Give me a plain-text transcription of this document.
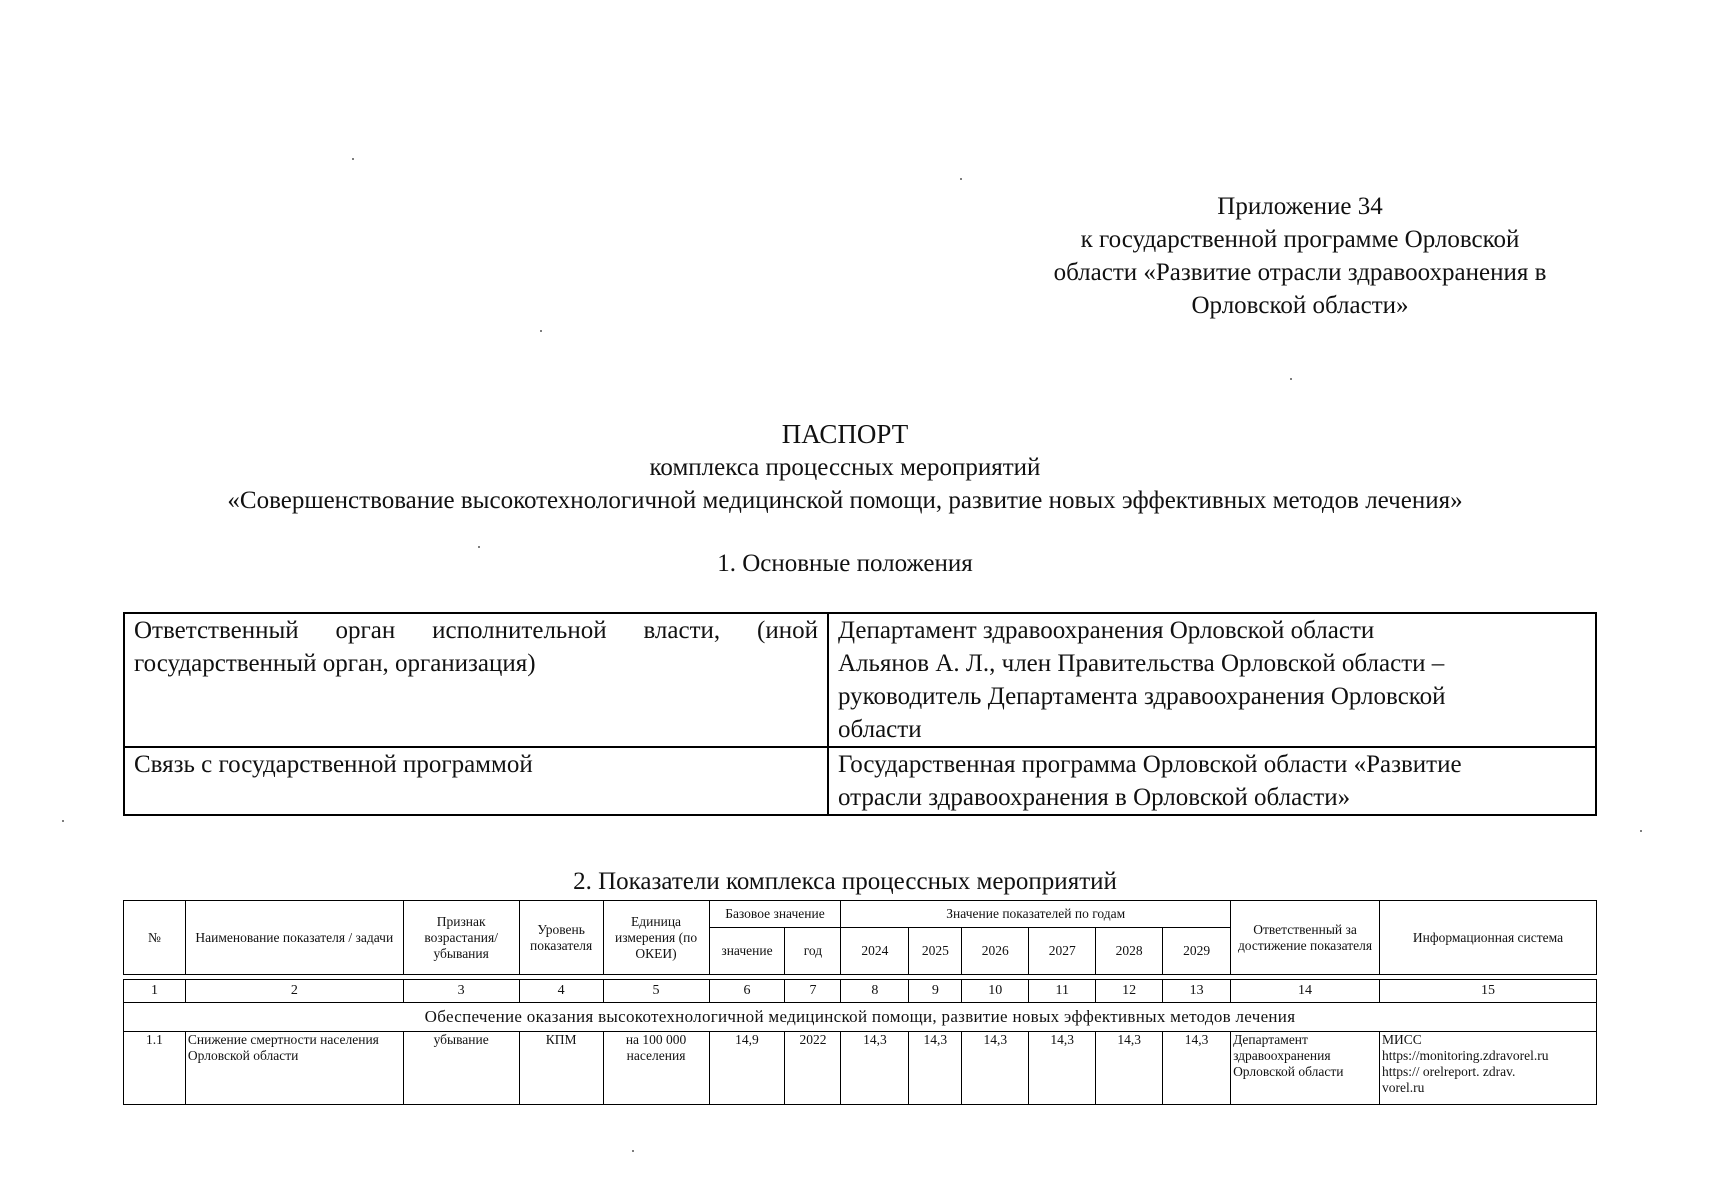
Приложение 34
к государственной программе Орловской
области «Развитие отрасли здравоохранения в
Орловской области»
ПАСПОРТ
комплекса процессных мероприятий
«Совершенствование высокотехнологичной медицинской помощи, развитие новых эффективных методов лечения»
1. Основные положения
Ответственный орган исполнительной власти, (иной государственный орган, организация)	Департамент здравоохранения Орловской области
Альянов А. Л., член Правительства Орловской области –
руководитель Департамента здравоохранения Орловской
области

Связь с государственной программой	Государственная программа Орловской области «Развитие
отрасли здравоохранения в Орловской области»
2. Показатели комплекса процессных мероприятий
№	Наименование показателя / задачи	Признак возрастания/ убывания	Уровень показателя	Единица измерения (по ОКЕИ)	Базовое значение		Значение показателей по годам						Ответственный за достижение показателя	Информационная система
					значение	год	2024	2025	2026	2027	2028	2029		

1	2	3	4	5	6	7	8	9	10	11	12	13	14	15
Обеспечение оказания высокотехнологичной медицинской помощи, развитие новых эффективных методов лечения														
1.1	Снижение смертности населения Орловской области	убывание	КПМ	на 100 000 населения	14,9	2022	14,3	14,3	14,3	14,3	14,3	14,3	Департамент здравоохранения Орловской области	МИСС
https://monitoring.zdravorel.ru
https:// orelreport. zdrav.
vorel.ru
